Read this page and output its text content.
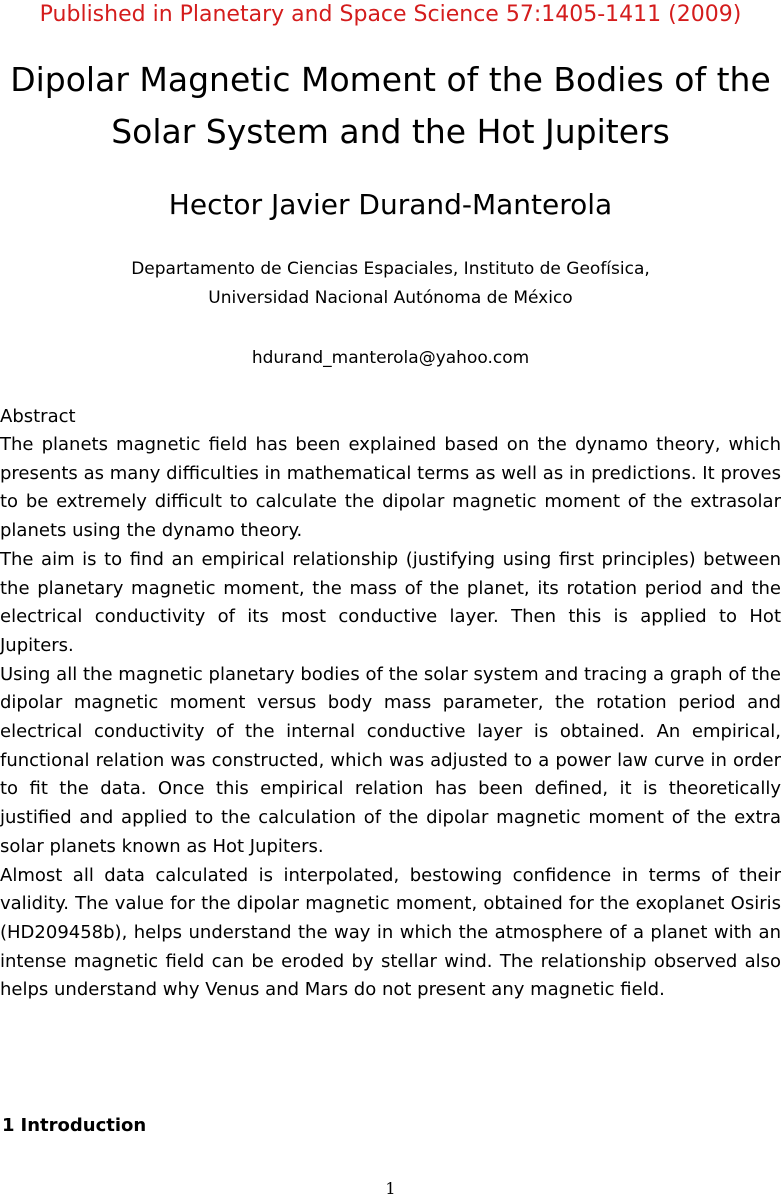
Published in Planetary and Space Science 57:1405-1411 (2009)
Dipolar Magnetic Moment of the Bodies of the
Solar System and the Hot Jupiters
Hector Javier Durand-Manterola
Departamento de Ciencias Espaciales, Instituto de Geofísica,
Universidad Nacional Autónoma de México
hdurand_manterola@yahoo.com
Abstract

The planets magnetic field has been explained based on the dynamo theory, which presents as many difficulties in mathematical terms as well as in predictions. It proves to be extremely difficult to calculate the dipolar magnetic moment of the extrasolar planets using the dynamo theory.

The aim is to find an empirical relationship (justifying using first principles) between the planetary magnetic moment, the mass of the planet, its rotation period and the electrical conductivity of its most conductive layer. Then this is applied to Hot Jupiters.

Using all the magnetic planetary bodies of the solar system and tracing a graph of the dipolar magnetic moment versus body mass parameter, the rotation period and electrical conductivity of the internal conductive layer is obtained. An empirical, functional relation was constructed, which was adjusted to a power law curve in order to fit the data. Once this empirical relation has been defined, it is theoretically justified and applied to the calculation of the dipolar magnetic moment of the extra solar planets known as Hot Jupiters.

Almost all data calculated is interpolated, bestowing confidence in terms of their validity. The value for the dipolar magnetic moment, obtained for the exoplanet Osiris (HD209458b), helps understand the way in which the atmosphere of a planet with an intense magnetic field can be eroded by stellar wind. The relationship observed also helps understand why Venus and Mars do not present any magnetic field.

1 Introduction
1
